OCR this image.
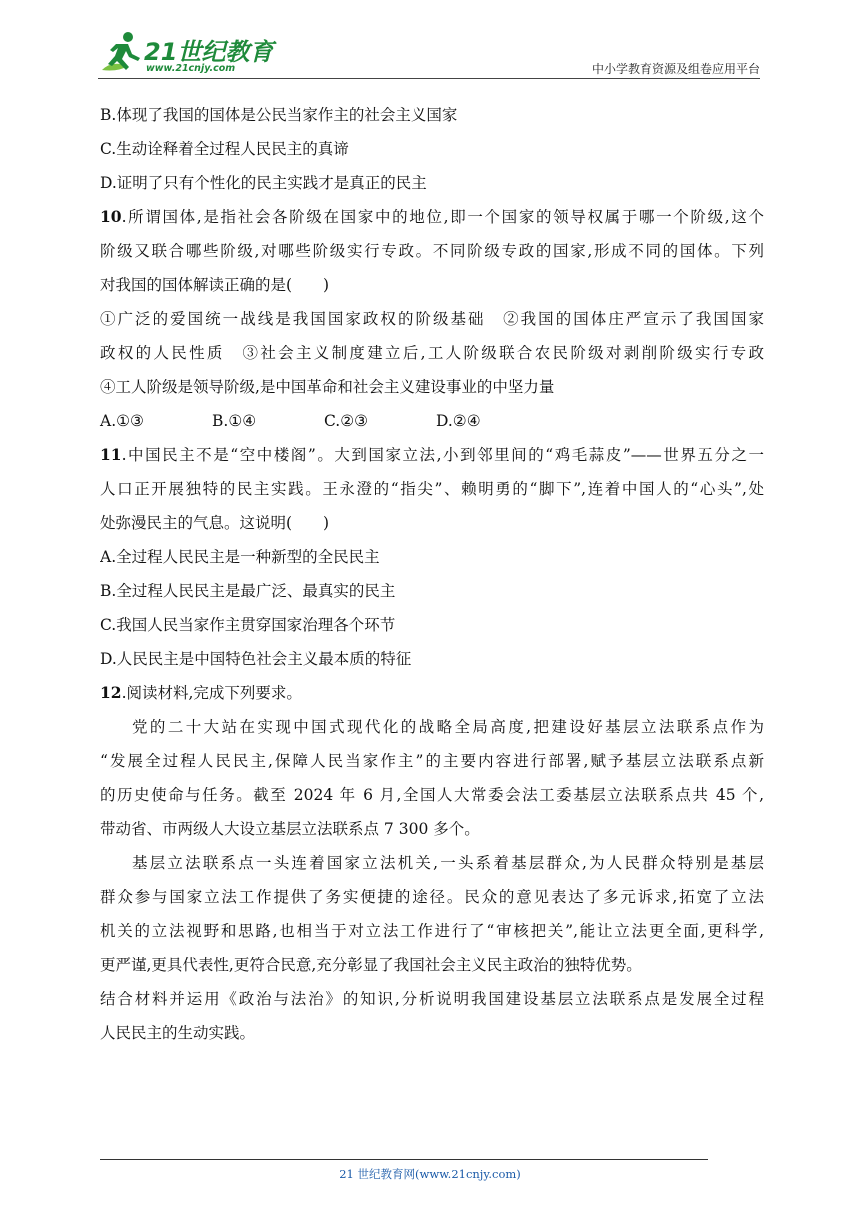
21世纪教育
www.21cnjy.com	中小学教育资源及组卷应用平台
B.体现了我国的国体是公民当家作主的社会主义国家
C.生动诠释着全过程人民民主的真谛
D.证明了只有个性化的民主实践才是真正的民主
10.所谓国体,是指社会各阶级在国家中的地位,即一个国家的领导权属于哪一个阶级,这个
阶级又联合哪些阶级,对哪些阶级实行专政。不同阶级专政的国家,形成不同的国体。下列
对我国的国体解读正确的是(　　)
①广泛的爱国统一战线是我国国家政权的阶级基础　②我国的国体庄严宣示了我国国家
政权的人民性质　③社会主义制度建立后,工人阶级联合农民阶级对剥削阶级实行专政
④工人阶级是领导阶级,是中国革命和社会主义建设事业的中坚力量
A.①③	B.①④	C.②③	D.②④
11.中国民主不是“空中楼阁”。大到国家立法,小到邻里间的“鸡毛蒜皮”——世界五分之一
人口正开展独特的民主实践。王永澄的“指尖”、赖明勇的“脚下”,连着中国人的“心头”,处
处弥漫民主的气息。这说明(　　)
A.全过程人民民主是一种新型的全民民主
B.全过程人民民主是最广泛、最真实的民主
C.我国人民当家作主贯穿国家治理各个环节
D.人民民主是中国特色社会主义最本质的特征
12.阅读材料,完成下列要求。
党的二十大站在实现中国式现代化的战略全局高度,把建设好基层立法联系点作为
“发展全过程人民民主,保障人民当家作主”的主要内容进行部署,赋予基层立法联系点新
的历史使命与任务。截至 2024 年 6 月,全国人大常委会法工委基层立法联系点共 45 个,
带动省、市两级人大设立基层立法联系点 7 300 多个。
基层立法联系点一头连着国家立法机关,一头系着基层群众,为人民群众特别是基层
群众参与国家立法工作提供了务实便捷的途径。民众的意见表达了多元诉求,拓宽了立法
机关的立法视野和思路,也相当于对立法工作进行了“审核把关”,能让立法更全面,更科学,
更严谨,更具代表性,更符合民意,充分彰显了我国社会主义民主政治的独特优势。
结合材料并运用《政治与法治》的知识,分析说明我国建设基层立法联系点是发展全过程
人民民主的生动实践。
21 世纪教育网(www.21cnjy.com)
